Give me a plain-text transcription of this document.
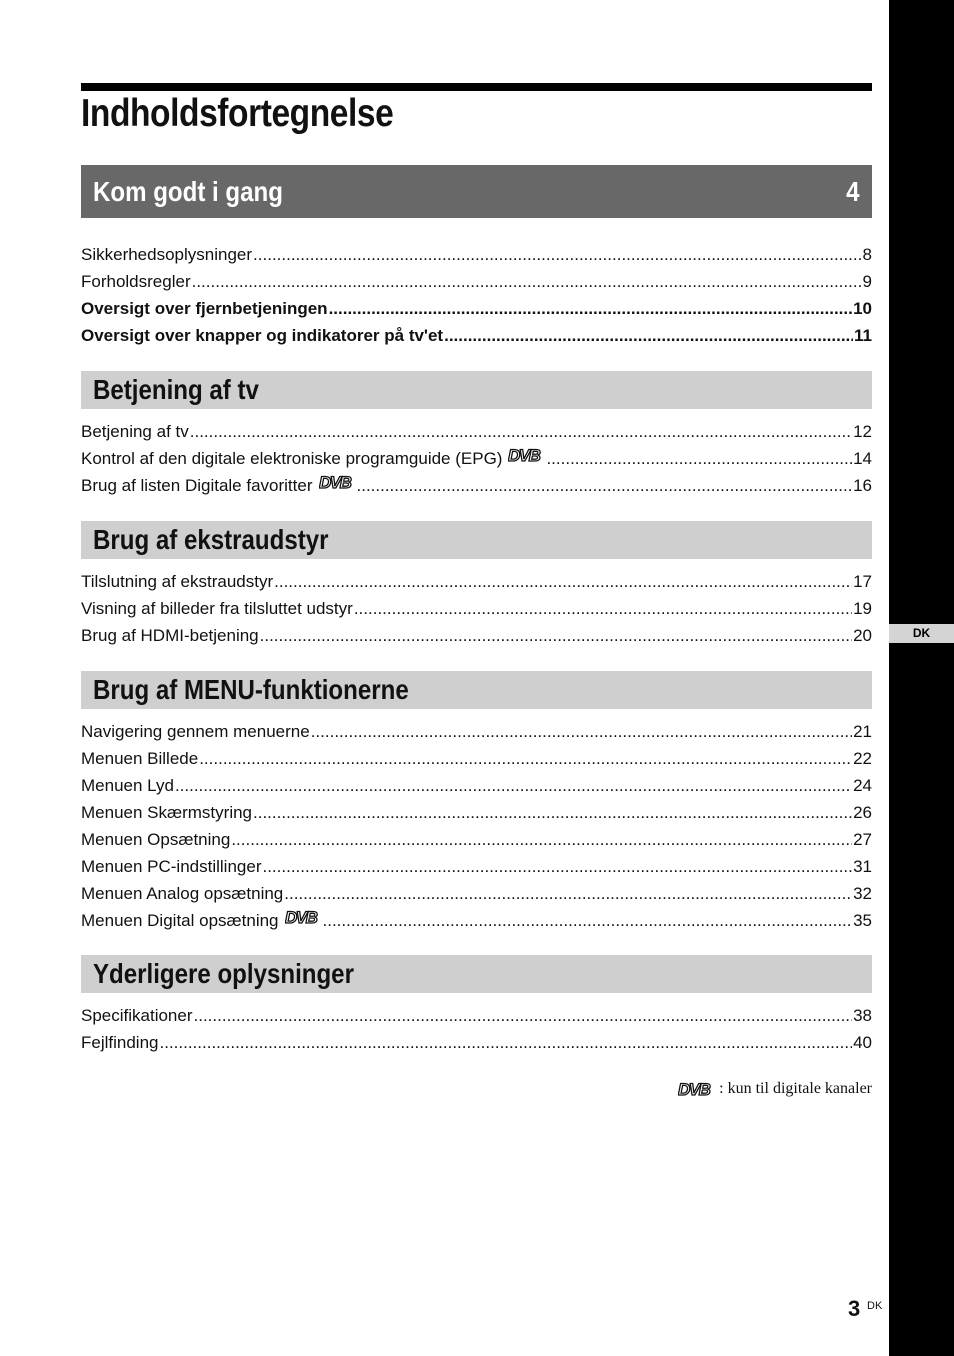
DK
Indholdsfortegnelse
Kom godt i gang	4
Sikkerhedsoplysninger .....	8
Forholdsregler .....	9
Oversigt over fjernbetjeningen .....	10
Oversigt over knapper og indikatorer på tv'et .....	11
Betjening af tv
Betjening af tv .....	12
Kontrol af den digitale elektroniske programguide (EPG) DVB .....	14
Brug af listen Digitale favoritter DVB .....	16
Brug af ekstraudstyr
Tilslutning af ekstraudstyr .....	17
Visning af billeder fra tilsluttet udstyr .....	19
Brug af HDMI-betjening .....	20
Brug af MENU-funktionerne
Navigering gennem menuerne .....	21
Menuen Billede .....	22
Menuen Lyd .....	24
Menuen Skærmstyring .....	26
Menuen Opsætning .....	27
Menuen PC-indstillinger .....	31
Menuen Analog opsætning .....	32
Menuen Digital opsætning DVB .....	35
Yderligere oplysninger
Specifikationer .....	38
Fejlfinding .....	40
DVB : kun til digitale kanaler
3 DK
